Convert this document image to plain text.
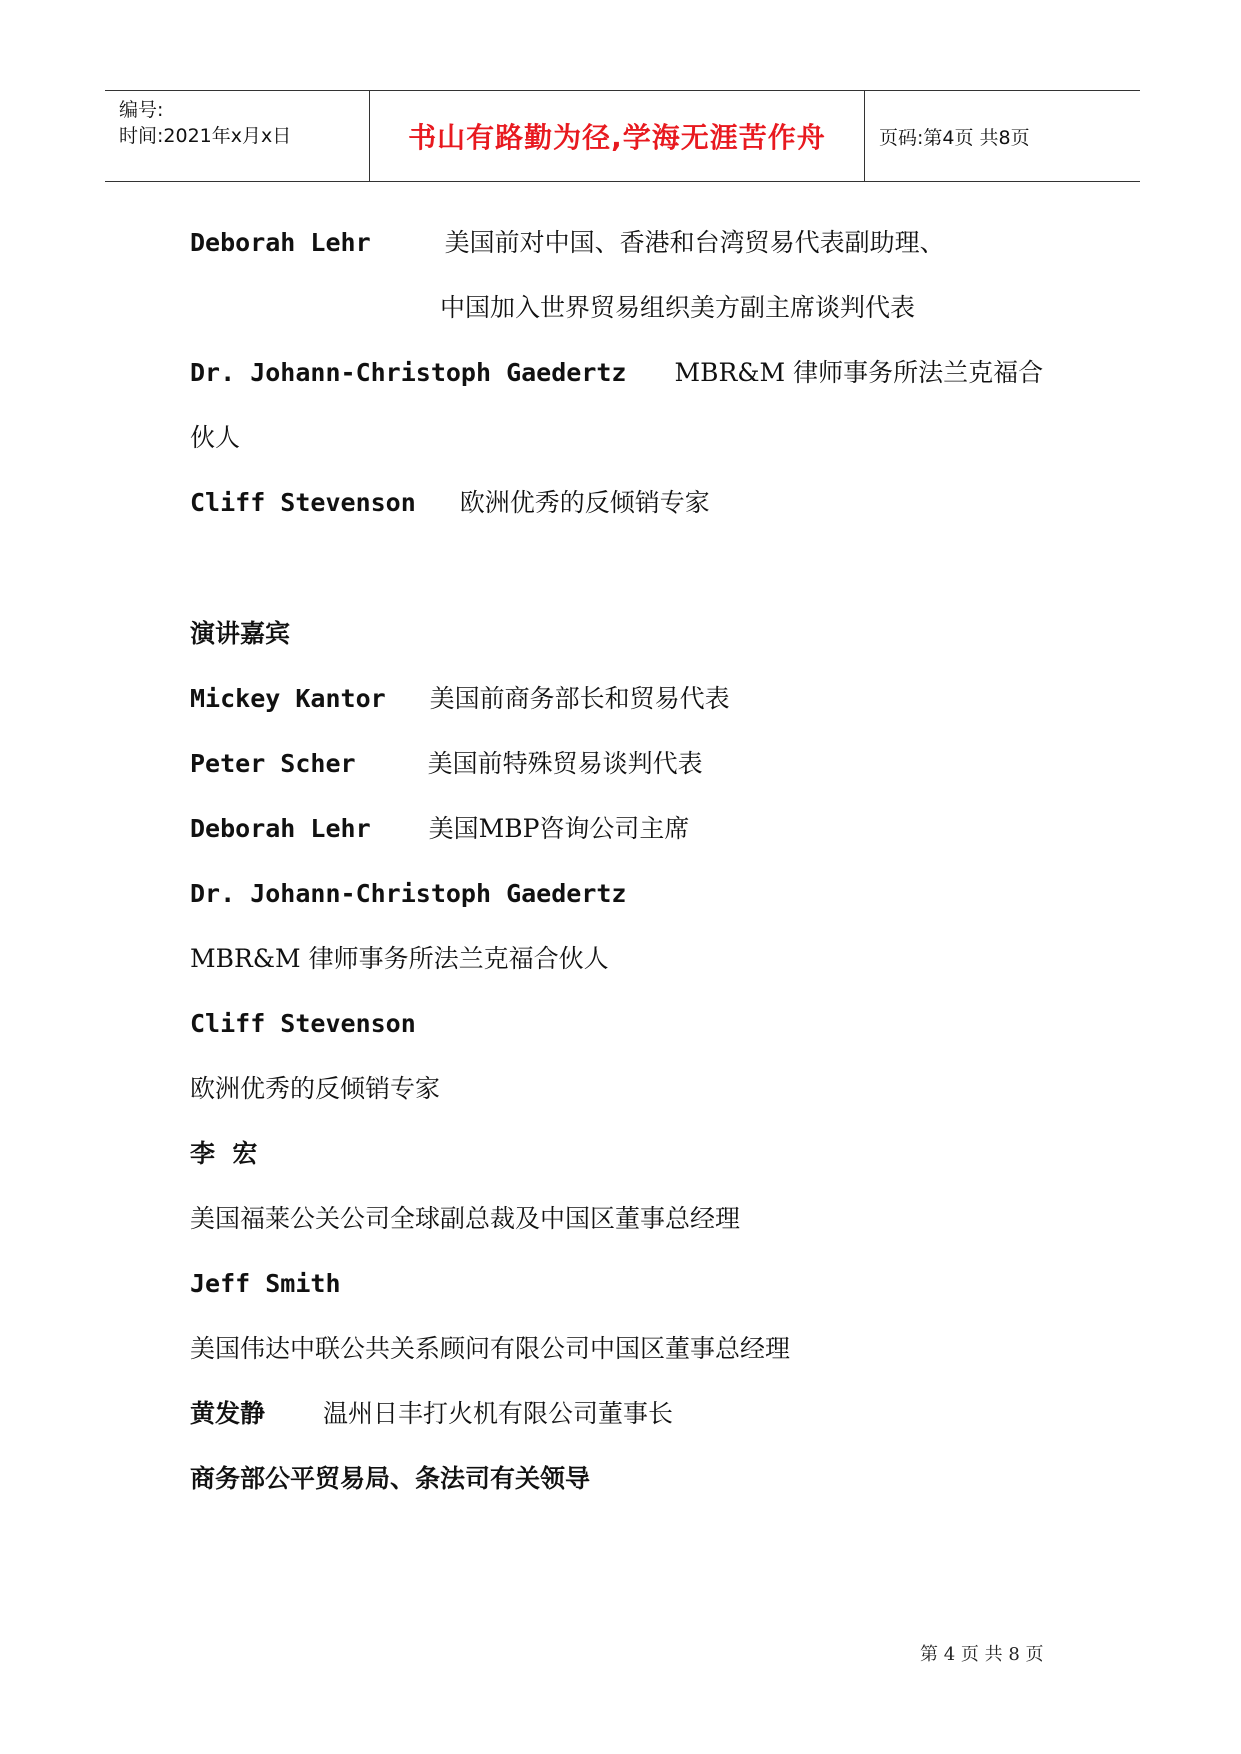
编号:
时间:2021年x月x日	书山有路勤为径,学海无涯苦作舟	页码:第4页 共8页
Deborah Lehr	美国前对中国、香港和台湾贸易代表副助理、
中国加入世界贸易组织美方副主席谈判代表
Dr. Johann-Christoph Gaedertz MBR&M 律师事务所法兰克福合
伙人
Cliff Stevenson 欧洲优秀的反倾销专家
演讲嘉宾
Mickey Kantor 美国前商务部长和贸易代表
Peter Scher	美国前特殊贸易谈判代表
Deborah Lehr 美国MBP咨询公司主席
Dr. Johann-Christoph Gaedertz
MBR&M 律师事务所法兰克福合伙人
Cliff Stevenson
欧洲优秀的反倾销专家
李  宏
美国福莱公关公司全球副总裁及中国区董事总经理
Jeff Smith
美国伟达中联公共关系顾问有限公司中国区董事总经理
黄发静 温州日丰打火机有限公司董事长
商务部公平贸易局、条法司有关领导
第 4 页 共 8 页
